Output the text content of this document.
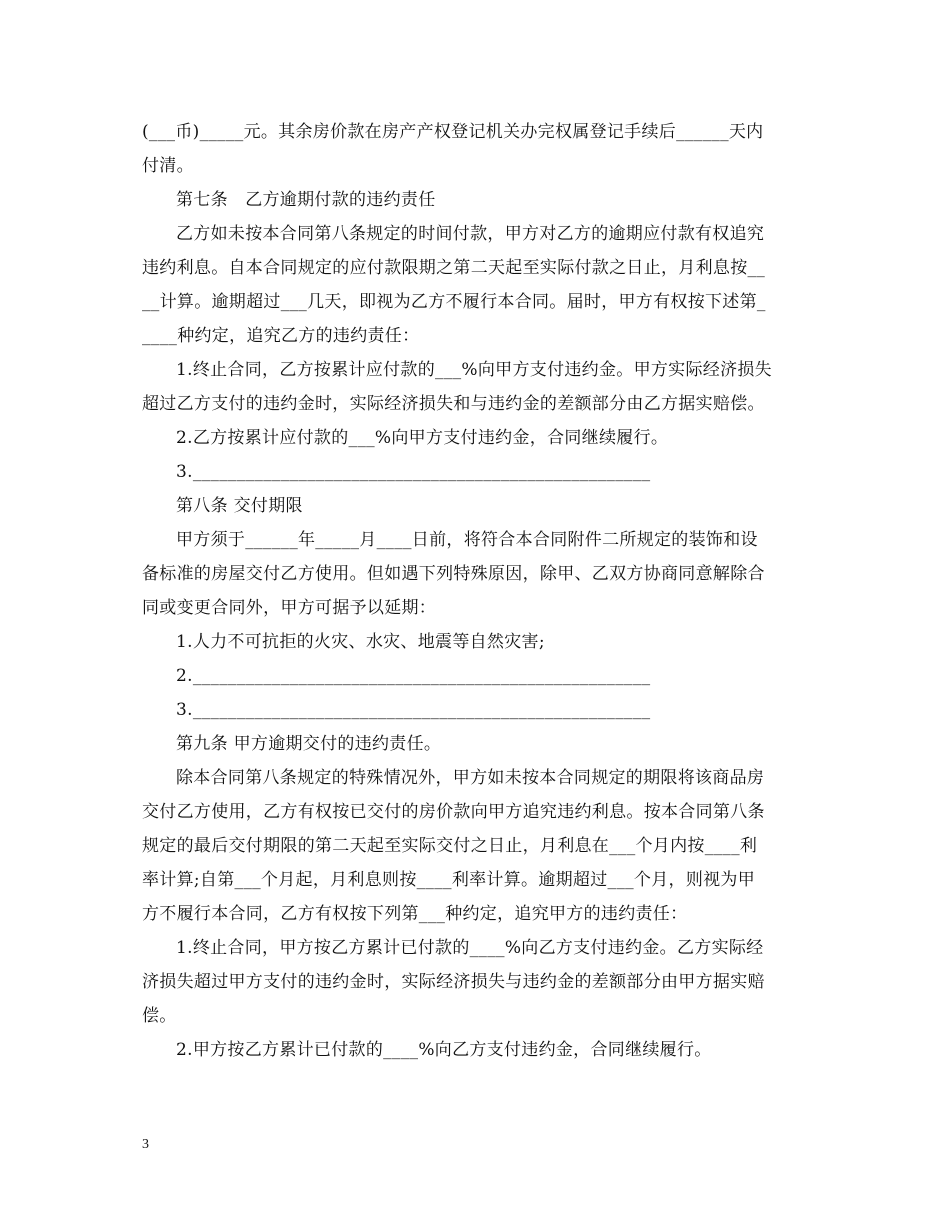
(___币)_____元。其余房价款在房产产权登记机关办完权属登记手续后______天内
付清。
第七条　乙方逾期付款的违约责任
乙方如未按本合同第八条规定的时间付款，甲方对乙方的逾期应付款有权追究
违约利息。自本合同规定的应付款限期之第二天起至实际付款之日止，月利息按__
__计算。逾期超过___几天，即视为乙方不履行本合同。届时，甲方有权按下述第_
____种约定，追究乙方的违约责任：
1.终止合同，乙方按累计应付款的___%向甲方支付违约金。甲方实际经济损失
超过乙方支付的违约金时，实际经济损失和与违约金的差额部分由乙方据实赔偿。
2.乙方按累计应付款的___%向甲方支付违约金，合同继续履行。
3.____________________________________________________
第八条 交付期限
甲方须于______年_____月____日前，将符合本合同附件二所规定的装饰和设
备标准的房屋交付乙方使用。但如遇下列特殊原因，除甲、乙双方协商同意解除合
同或变更合同外，甲方可据予以延期：
1.人力不可抗拒的火灾、水灾、地震等自然灾害;
2.____________________________________________________
3.____________________________________________________
第九条 甲方逾期交付的违约责任。
除本合同第八条规定的特殊情况外，甲方如未按本合同规定的期限将该商品房
交付乙方使用，乙方有权按已交付的房价款向甲方追究违约利息。按本合同第八条
规定的最后交付期限的第二天起至实际交付之日止，月利息在___个月内按____利
率计算;自第___个月起，月利息则按____利率计算。逾期超过___个月，则视为甲
方不履行本合同，乙方有权按下列第___种约定，追究甲方的违约责任：
1.终止合同，甲方按乙方累计已付款的____%向乙方支付违约金。乙方实际经
济损失超过甲方支付的违约金时，实际经济损失与违约金的差额部分由甲方据实赔
偿。
2.甲方按乙方累计已付款的____%向乙方支付违约金，合同继续履行。
3
